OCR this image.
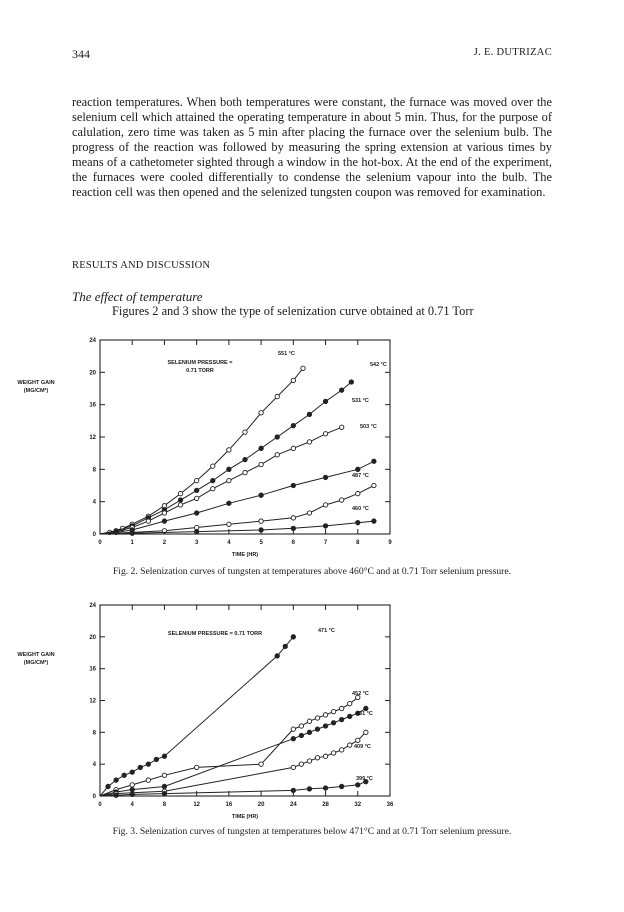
344	J. E. DUTRIZAC

reaction temperatures. When both temperatures were constant, the furnace was moved over the selenium cell which attained the operating temperature in about 5 min. Thus, for the purpose of calulation, zero time was taken as 5 min after placing the furnace over the selenium bulb. The progress of the reaction was followed by measuring the spring extension at various times by means of a cathetometer sighted through a window in the hot-box. At the end of the experiment, the furnaces were cooled differentially to condense the selenium vapour into the bulb. The reaction cell was then opened and the selenized tungsten coupon was removed for examination.

RESULTS AND DISCUSSION
The effect of temperature

Figures 2 and 3 show the type of selenization curve obtained at 0.71 Torr

0	1	2	3	4	5	6	7	8	9
0
4
8
12
16
20
24
TIME (HR)
WEIGHT GAIN
(MG/CM²)
SELENIUM PRESSURE =
0.71 TORR
551 °C
542 °C
531 °C
503 °C
487 °C
460 °C
Fig. 2. Selenization curves of tungsten at temperatures above 460°C and at 0.71 Torr selenium pressure.
0	4	8	12	16	20	24	28	32	36
0
4
8
12
16
20
24
TIME (HR)
WEIGHT GAIN
(MG/CM²)
SELENIUM PRESSURE = 0.71 TORR	471 °C
452 °C
431 °C
409 °C
399 °C
Fig. 3. Selenization curves of tungsten at temperatures below 471°C and at 0.71 Torr selenium pressure.
